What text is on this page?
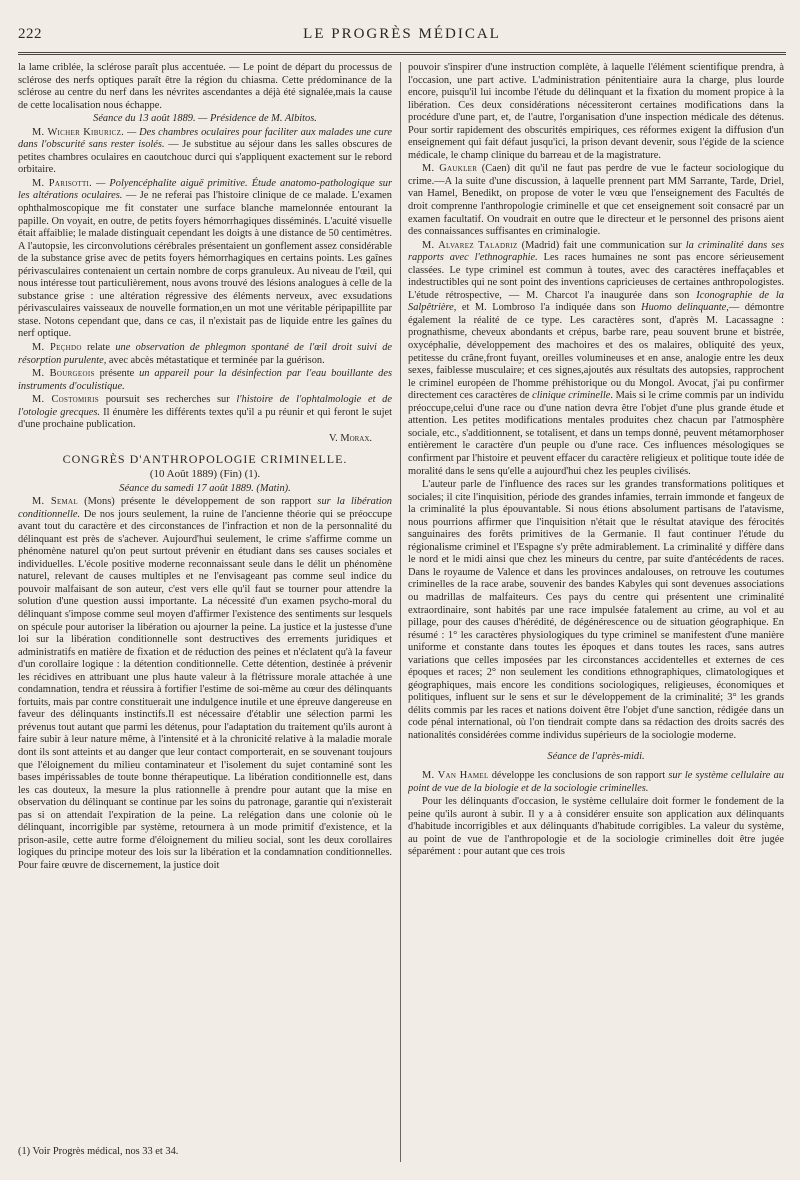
222	LE PROGRÈS MÉDICAL

la lame criblée, la sclérose paraît plus accentuée. — Le point de départ du processus de sclérose des nerfs optiques paraît être la région du chiasma. Cette prédominance de la sclérose au centre du nerf dans les névrites ascendantes a déjà été signalée,mais la cause de cette localisation nous échappe.

Séance du 13 août 1889. — Présidence de M. Albitos.

M. Wicher Kiburicz. — Des chambres oculaires pour faciliter aux malades une cure dans l'obscurité sans rester isolés. — Je substitue au séjour dans les salles obscures de petites chambres oculaires en caoutchouc durci qui s'appliquent exactement sur le rebord orbitaire.

M. Parisotti. — Polyencéphalite aiguë primitive. Étude anatomo-pathologique sur les altérations oculaires. — Je ne referai pas l'histoire clinique de ce malade. L'examen ophthalmoscopique me fit constater une surface blanche mamelonnée entourant la papille. On voyait, en outre, de petits foyers hémorrhagiques disséminés. L'acuité visuelle était affaiblie; le malade distinguait cependant les doigts à une distance de 50 centimètres. A l'autopsie, les circonvolutions cérébrales présentaient un gonflement assez considérable de la substance grise avec de petits foyers hémorrhagiques en certains points. Les gaînes périvasculaires contenaient un certain nombre de corps granuleux. Au niveau de l'œil, qui nous intéresse tout particulièrement, nous avons trouvé des lésions analogues à celle de la substance grise : une altération régressive des éléments nerveux, avec exsudations périvasculaires vaisseaux de nouvelle formation,en un mot une véritable péripapillite par stase. Notons cependant que, dans ce cas, il n'existait pas de liquide entre les gaînes du nerf optique.

M. Peçhdo relate une observation de phlegmon spontané de l'œil droit suivi de résorption purulente, avec abcès métastatique et terminée par la guérison.

M. Bourgeois présente un appareil pour la désinfection par l'eau bouillante des instruments d'oculistique.

M. Costomiris poursuit ses recherches sur l'histoire de l'ophtalmologie et de l'otologie grecques. Il énumère les différents textes qu'il a pu réunir et qui feront le sujet d'une prochaine publication.

V. Morax.

CONGRÈS D'ANTHROPOLOGIE CRIMINELLE.

(10 Août 1889) (Fin) (1).

Séance du samedi 17 août 1889. (Matin).

M. Semal (Mons) présente le développement de son rapport sur la libération conditionnelle. De nos jours seulement, la ruine de l'ancienne théorie qui se préoccupe avant tout du caractère et des circonstances de l'infraction et non de la personnalité du délinquant est près de s'achever. Aujourd'hui seulement, le crime s'affirme comme un phénomène naturel qu'on peut surtout prévenir en étudiant dans ses causes sociales et individuelles. L'école positive moderne reconnaissant seule dans le délit un phénomène naturel, relevant de causes multiples et ne l'envisageant pas comme seul indice du pouvoir malfaisant de son auteur, c'est vers elle qu'il faut se tourner pour attendre la solution d'une question aussi importante. La nécessité d'un examen psycho-moral du délinquant s'impose comme seul moyen d'affirmer l'existence des sentiments sur lesquels on spécule pour autoriser la libération ou ajourner la peine. La justice et la justesse d'une loi sur la libération conditionnelle sont destructives des errements juridiques et administratifs en matière de fixation et de réduction des peines et n'éclatent qu'à la faveur d'un corollaire logique : la détention conditionnelle. Cette détention, destinée à prévenir les récidives en attribuant une plus haute valeur à la flétrissure morale attachée à une condamnation, tendra et réussira à fortifier l'estime de soi-même au cœur des délinquants fortuits, mais par contre constituerait une indulgence inutile et une épreuve dangereuse en faveur des délinquants instinctifs.Il est nécessaire d'établir une sélection parmi les prévenus tout autant que parmi les détenus, pour l'adaptation du traitement qu'ils auront à faire subir à leur nature même, à l'intensité et à la chronicité relative à la maladie morale dont ils sont atteints et au danger que leur contact comporterait, en se souvenant toujours que l'éloignement du milieu contaminateur et l'isolement du sujet contaminé sont les bases impérissables de toute bonne thérapeutique. La libération conditionnelle est, dans les cas douteux, la mesure la plus rationnelle à prendre pour autant que la mise en observation du délinquant se continue par les soins du patronage, garantie qui n'existerait pas si on attendait l'expiration de la peine. La relégation dans une colonie où le délinquant, incorrigible par système, retournera à un mode primitif d'existence, et la prison-asile, cette autre forme d'éloignement du milieu social, sont les deux corollaires logiques du principe moteur des lois sur la libération et la condamnation conditionnelles. Pour faire œuvre de discernement, la justice doit

(1) Voir Progrès médical, nos 33 et 34.

pouvoir s'inspirer d'une instruction complète, à laquelle l'élément scientifique prendra, à l'occasion, une part active. L'administration pénitentiaire aura la charge, plus lourde encore, puisqu'il lui incombe l'étude du délinquant et la fixation du moment propice à la libération. Ces deux considérations nécessiteront certaines modifications dans la procédure d'une part, et, de l'autre, l'organisation d'une inspection médicale des détenus. Pour sortir rapidement des obscurités empiriques, ces réformes exigent la diffusion d'un enseignement qui fait défaut jusqu'ici, la prison devant devenir, sous l'égide de la science médicale, le champ clinique du barreau et de la magistrature.

M. Gaukler (Caen) dit qu'il ne faut pas perdre de vue le facteur sociologique du crime.—A la suite d'une discussion, à laquelle prennent part MM Sarrante, Tarde, Driel, van Hamel, Benedikt, on propose de voter le vœu que l'enseignement des Facultés de droit comprenne l'anthropologie criminelle et que cet enseignement soit consacré par un examen facultatif. On voudrait en outre que le directeur et le personnel des prisons aient des connaissances suffisantes en criminalogie.

M. Alvarez Taladriz (Madrid) fait une communication sur la criminalité dans ses rapports avec l'ethnographie. Les races humaines ne sont pas encore sérieusement classées. Le type criminel est commun à toutes, avec des caractères ineffaçables et indestructibles qui ne sont point des inventions capricieuses de certaines anthropologistes. L'étude rétrospective, — M. Charcot l'a inaugurée dans son Iconographie de la Salpêtrière, et M. Lombroso l'a indiquée dans son Huomo delinquante,— démontre également la réalité de ce type. Les caractères sont, d'après M. Lacassagne : prognathisme, cheveux abondants et crépus, barbe rare, peau souvent brune et bistrée, oxycéphalie, développement des machoires et des os malaires, obliquité des yeux, petitesse du crâne,front fuyant, oreilles volumineuses et en anse, analogie entre les deux sexes, faiblesse musculaire; et ces signes,ajoutés aux résultats des autopsies, rapprochent le criminel européen de l'homme préhistorique ou du Mongol. Avocat, j'ai pu confirmer directement ces caractères de clinique criminelle. Mais si le crime commis par un individu préoccupe,celui d'une race ou d'une nation devra être l'objet d'une plus grande étude et attention. Les petites modifications mentales produites chez chacun par l'atmosphère sociale, etc., s'additionnent, se totalisent, et dans un temps donné, peuvent métamorphoser entièrement le caractère d'un peuple ou d'une race. Ces influences mésologiques se confirment par l'histoire et peuvent effacer du caractère religieux et politique toute idée de moralité dans le sens qu'elle a aujourd'hui chez les peuples civilisés.

L'auteur parle de l'influence des races sur les grandes transformations politiques et sociales; il cite l'inquisition, période des grandes infamies, terrain immonde et fangeux de la criminalité la plus épouvantable. Si nous étions absolument partisans de l'atavisme, nous pourrions affirmer que l'inquisition n'était que le résultat atavique des férocités sanguinaires des forêts primitives de la Germanie. Il faut continuer l'étude du régionalisme criminel et l'Espagne s'y prête admirablement. La criminalité y diffère dans le nord et le midi ainsi que chez les mineurs du centre, par suite d'antécédents de races. Dans le royaume de Valence et dans les provinces andalouses, on retrouve les coutumes criminelles de la race arabe, souvenir des bandes Kabyles qui sont devenues associations ou madrillas de malfaiteurs. Ces pays du centre qui présentent une criminalité extraordinaire, sont habités par une race impulsée fatalement au crime, au vol et au pillage, pour des causes d'hérédité, de dégénérescence ou de situation géographique. En résumé : 1° les caractères physiologiques du type criminel se manifestent d'une manière uniforme et constante dans toutes les époques et dans toutes les races, sans autres variations que celles imposées par les circonstances accidentelles et externes de ces époques et races; 2° non seulement les conditions ethnographiques, climatologiques et géographiques, mais encore les conditions sociologiques, religieuses, économiques et politiques, influent sur le sens et sur le développement de la criminalité; 3° les grands délits commis par les races et nations doivent être l'objet d'une sanction, rédigée dans un code pénal international, où l'on tiendrait compte dans sa rédaction des droits sacrés des nationalités considérées comme individus supérieurs de la sociologie moderne.

Séance de l'après-midi.

M. Van Hamel développe les conclusions de son rapport sur le système cellulaire au point de vue de la biologie et de la sociologie criminelles.

Pour les délinquants d'occasion, le système cellulaire doit former le fondement de la peine qu'ils auront à subir. Il y a à considérer ensuite son application aux délinquants d'habitude incorrigibles et aux délinquants d'habitude corrigibles. La valeur du système, au point de vue de l'anthropologie et de la sociologie criminelles doit être jugée séparément : pour autant que ces trois
